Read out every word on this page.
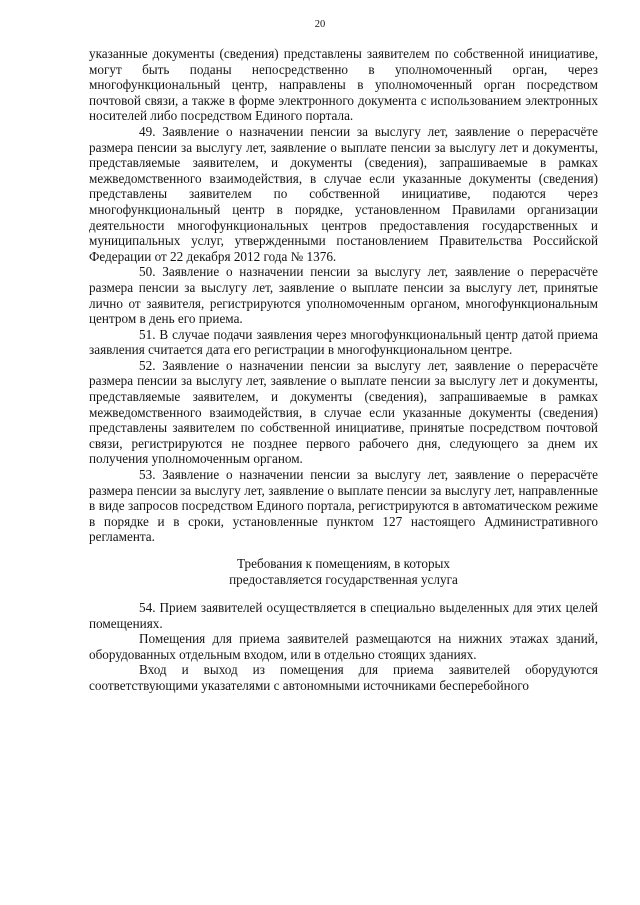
20

указанные документы (сведения) представлены заявителем по собственной инициативе, могут быть поданы непосредственно в уполномоченный орган, через многофункциональный центр, направлены в уполномоченный орган посредством почтовой связи, а также в форме электронного документа с использованием электронных носителей либо посредством Единого портала.

49. Заявление о назначении пенсии за выслугу лет, заявление о перерасчёте размера пенсии за выслугу лет, заявление о выплате пенсии за выслугу лет и документы, представляемые заявителем, и документы (сведения), запрашиваемые в рамках межведомственного взаимодействия, в случае если указанные документы (сведения) представлены заявителем по собственной инициативе, подаются через многофункциональный центр в порядке, установленном Правилами организации деятельности многофункциональных центров предоставления государственных и муниципальных услуг, утвержденными постановлением Правительства Российской Федерации от 22 декабря 2012 года № 1376.

50. Заявление о назначении пенсии за выслугу лет, заявление о перерасчёте размера пенсии за выслугу лет, заявление о выплате пенсии за выслугу лет, принятые лично от заявителя, регистрируются уполномоченным органом, многофункциональным центром в день его приема.

51. В случае подачи заявления через многофункциональный центр датой приема заявления считается дата его регистрации в многофункциональном центре.

52. Заявление о назначении пенсии за выслугу лет, заявление о перерасчёте размера пенсии за выслугу лет, заявление о выплате пенсии за выслугу лет и документы, представляемые заявителем, и документы (сведения), запрашиваемые в рамках межведомственного взаимодействия, в случае если указанные документы (сведения) представлены заявителем по собственной инициативе, принятые посредством почтовой связи, регистрируются не позднее первого рабочего дня, следующего за днем их получения уполномоченным органом.

53. Заявление о назначении пенсии за выслугу лет, заявление о перерасчёте размера пенсии за выслугу лет, заявление о выплате пенсии за выслугу лет, направленные в виде запросов посредством Единого портала, регистрируются в автоматическом режиме в порядке и в сроки, установленные пунктом 127 настоящего Административного регламента.

Требования к помещениям, в которых
предоставляется государственная услуга

54. Прием заявителей осуществляется в специально выделенных для этих целей помещениях.

Помещения для приема заявителей размещаются на нижних этажах зданий, оборудованных отдельным входом, или в отдельно стоящих зданиях.

Вход и выход из помещения для приема заявителей оборудуются соответствующими указателями с автономными источниками бесперебойного
